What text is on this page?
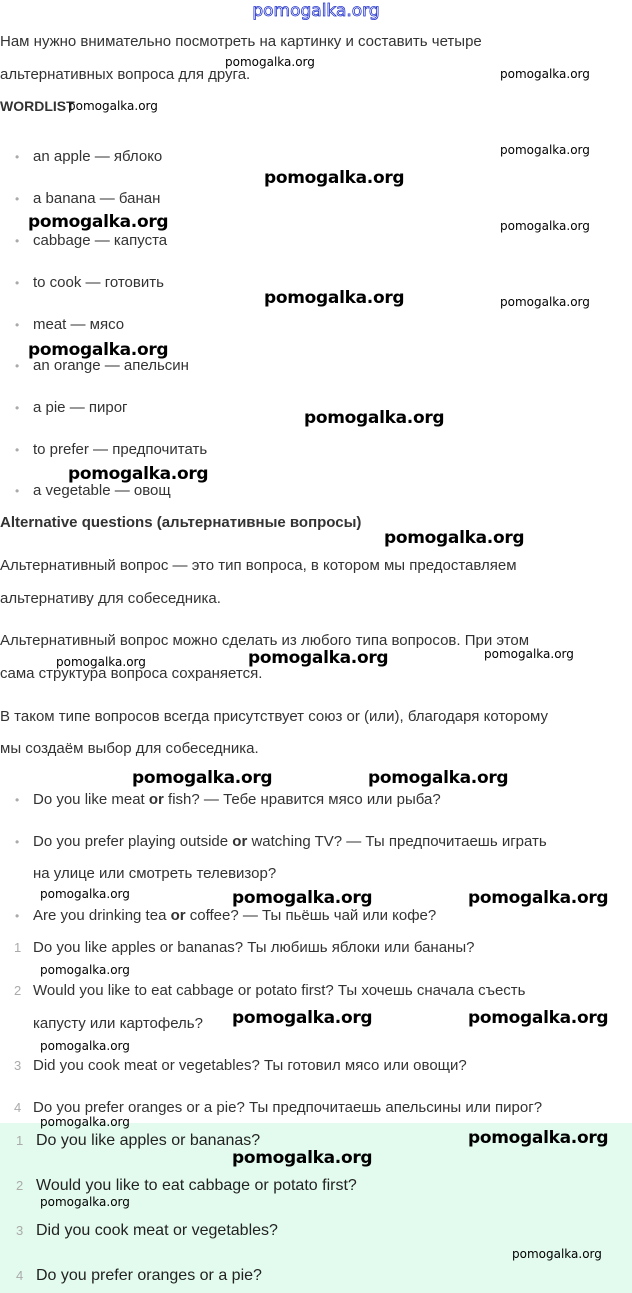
pomogalka.org
Нам нужно внимательно посмотреть на картинку и составить четыре
альтернативных вопроса для друга.
WORDLIST
• an apple — яблоко
• a banana — банан
• cabbage — капуста
• to cook — готовить
• meat — мясо
• an orange — апельсин
• a pie — пирог
• to prefer — предпочитать
• a vegetable — овощ
Alternative questions (альтернативные вопросы)
Альтернативный вопрос — это тип вопроса, в котором мы предоставляем
альтернативу для собеседника.
Альтернативный вопрос можно сделать из любого типа вопросов. При этом
сама структура вопроса сохраняется.
В таком типе вопросов всегда присутствует союз or (или), благодаря которому
мы создаём выбор для собеседника.
• Do you like meat or fish? — Тебе нравится мясо или рыба?
• Do you prefer playing outside or watching TV? — Ты предпочитаешь играть
на улице или смотреть телевизор?
• Are you drinking tea or coffee? — Ты пьёшь чай или кофе?
1 Do you like apples or bananas? Ты любишь яблоки или бананы?
2 Would you like to eat cabbage or potato first? Ты хочешь сначала съесть
капусту или картофель?
3 Did you cook meat or vegetables? Ты готовил мясо или овощи?
4 Do you prefer oranges or a pie? Ты предпочитаешь апельсины или пирог?
1 Do you like apples or bananas?
2 Would you like to eat cabbage or potato first?
3 Did you cook meat or vegetables?
4 Do you prefer oranges or a pie?
pomogalka.org
pomogalka.org
pomogalka.org
pomogalka.org
pomogalka.org
pomogalka.org
pomogalka.org
pomogalka.org
pomogalka.org	pomogalka.org
pomogalka.org	pomogalka.org
pomogalka.org	pomogalka.org
pomogalka.org
pomogalka.org
pomogalka.org
pomogalka.org
pomogalka.org
pomogalka.org
pomogalka.org
pomogalka.org
pomogalka.org
pomogalka.org
pomogalka.org
pomogalka.org
pomogalka.org
pomogalka.org
pomogalka.org
pomogalka.org
